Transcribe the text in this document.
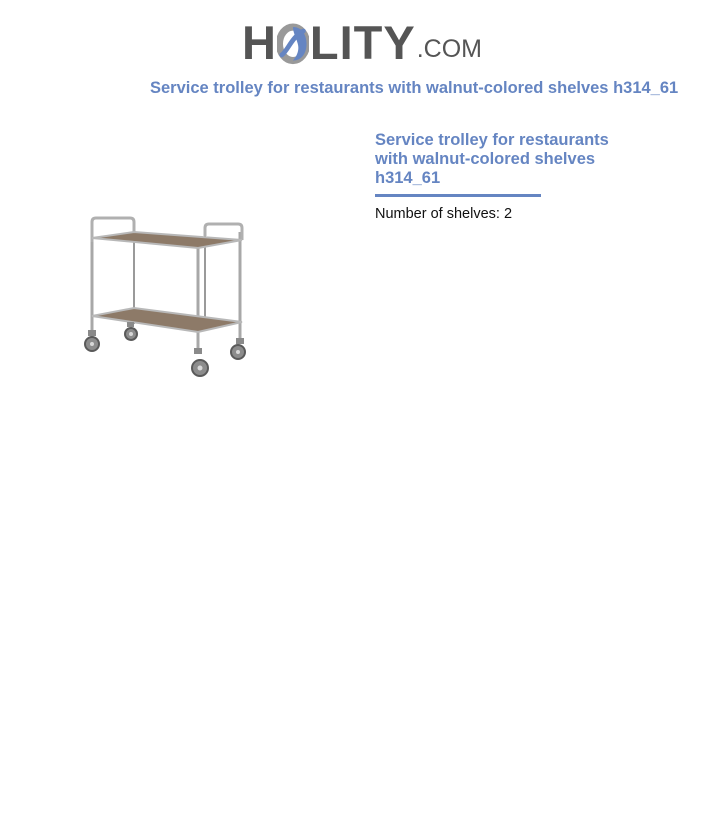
H LITY .COM
Service trolley for restaurants with walnut-colored shelves h314_61
Service trolley for restaurants with walnut-colored shelves h314_61
Number of shelves: 2
